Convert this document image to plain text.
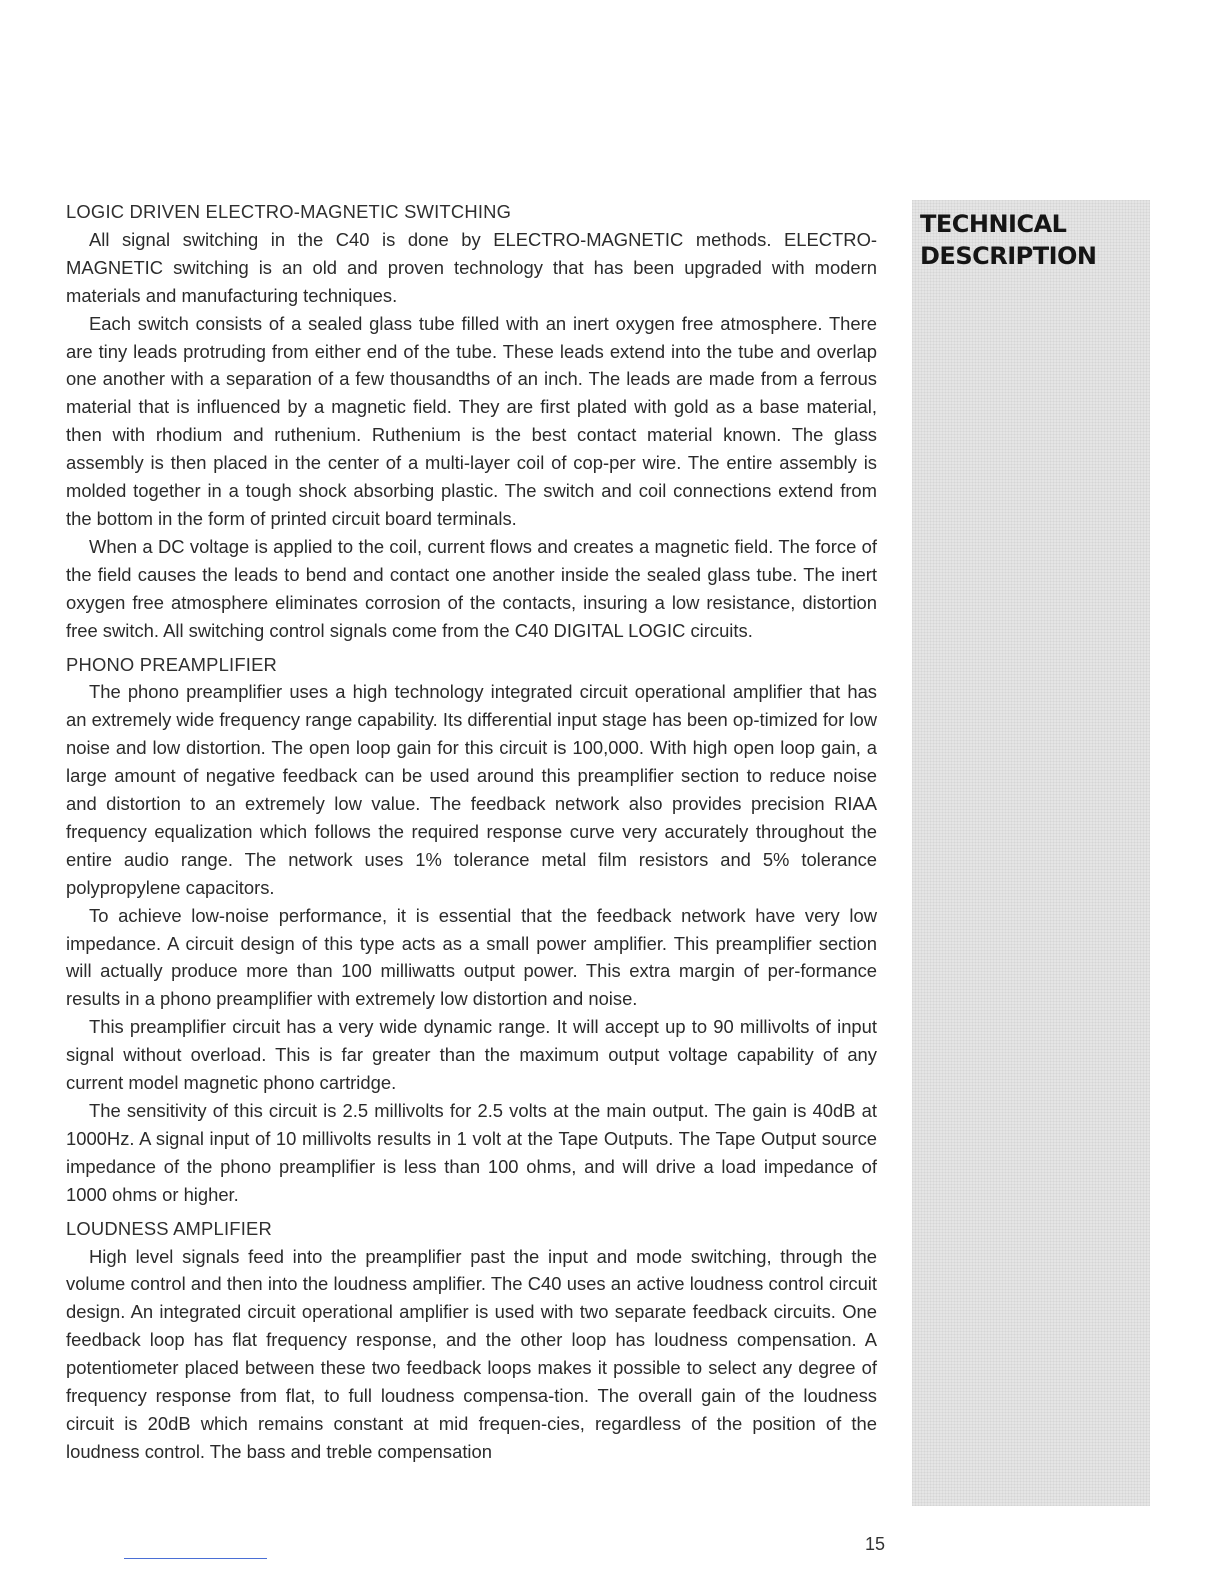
LOGIC DRIVEN ELECTRO-MAGNETIC SWITCHING

All signal switching in the C40 is done by ELECTRO-MAGNETIC methods. ELECTRO-MAGNETIC switching is an old and proven technology that has been upgraded with modern materials and manufacturing techniques.

Each switch consists of a sealed glass tube filled with an inert oxygen free atmosphere. There are tiny leads protruding from either end of the tube. These leads extend into the tube and overlap one another with a separation of a few thousandths of an inch. The leads are made from a ferrous material that is influenced by a magnetic field. They are first plated with gold as a base material, then with rhodium and ruthenium. Ruthenium is the best contact material known. The glass assembly is then placed in the center of a multi-layer coil of cop-per wire. The entire assembly is molded together in a tough shock absorbing plastic. The switch and coil connections extend from the bottom in the form of printed circuit board terminals.

When a DC voltage is applied to the coil, current flows and creates a magnetic field. The force of the field causes the leads to bend and contact one another inside the sealed glass tube. The inert oxygen free atmosphere eliminates corrosion of the contacts, insuring a low resistance, distortion free switch. All switching control signals come from the C40 DIGITAL LOGIC circuits.

PHONO PREAMPLIFIER

The phono preamplifier uses a high technology integrated circuit operational amplifier that has an extremely wide frequency range capability. Its differential input stage has been op-timized for low noise and low distortion. The open loop gain for this circuit is 100,000. With high open loop gain, a large amount of negative feedback can be used around this preamplifier section to reduce noise and distortion to an extremely low value. The feedback network also provides precision RIAA frequency equalization which follows the required response curve very accurately throughout the entire audio range. The network uses 1% tolerance metal film resistors and 5% tolerance polypropylene capacitors.

To achieve low-noise performance, it is essential that the feedback network have very low impedance. A circuit design of this type acts as a small power amplifier. This preamplifier section will actually produce more than 100 milliwatts output power. This extra margin of per-formance results in a phono preamplifier with extremely low distortion and noise.

This preamplifier circuit has a very wide dynamic range. It will accept up to 90 millivolts of input signal without overload. This is far greater than the maximum output voltage capability of any current model magnetic phono cartridge.

The sensitivity of this circuit is 2.5 millivolts for 2.5 volts at the main output. The gain is 40dB at 1000Hz. A signal input of 10 millivolts results in 1 volt at the Tape Outputs. The Tape Output source impedance of the phono preamplifier is less than 100 ohms, and will drive a load impedance of 1000 ohms or higher.

LOUDNESS AMPLIFIER

High level signals feed into the preamplifier past the input and mode switching, through the volume control and then into the loudness amplifier. The C40 uses an active loudness control circuit design. An integrated circuit operational amplifier is used with two separate feedback circuits. One feedback loop has flat frequency response, and the other loop has loudness compensation. A potentiometer placed between these two feedback loops makes it possible to select any degree of frequency response from flat, to full loudness compensa-tion. The overall gain of the loudness circuit is 20dB which remains constant at mid frequen-cies, regardless of the position of the loudness control. The bass and treble compensation

TECHNICAL
DESCRIPTION
15
